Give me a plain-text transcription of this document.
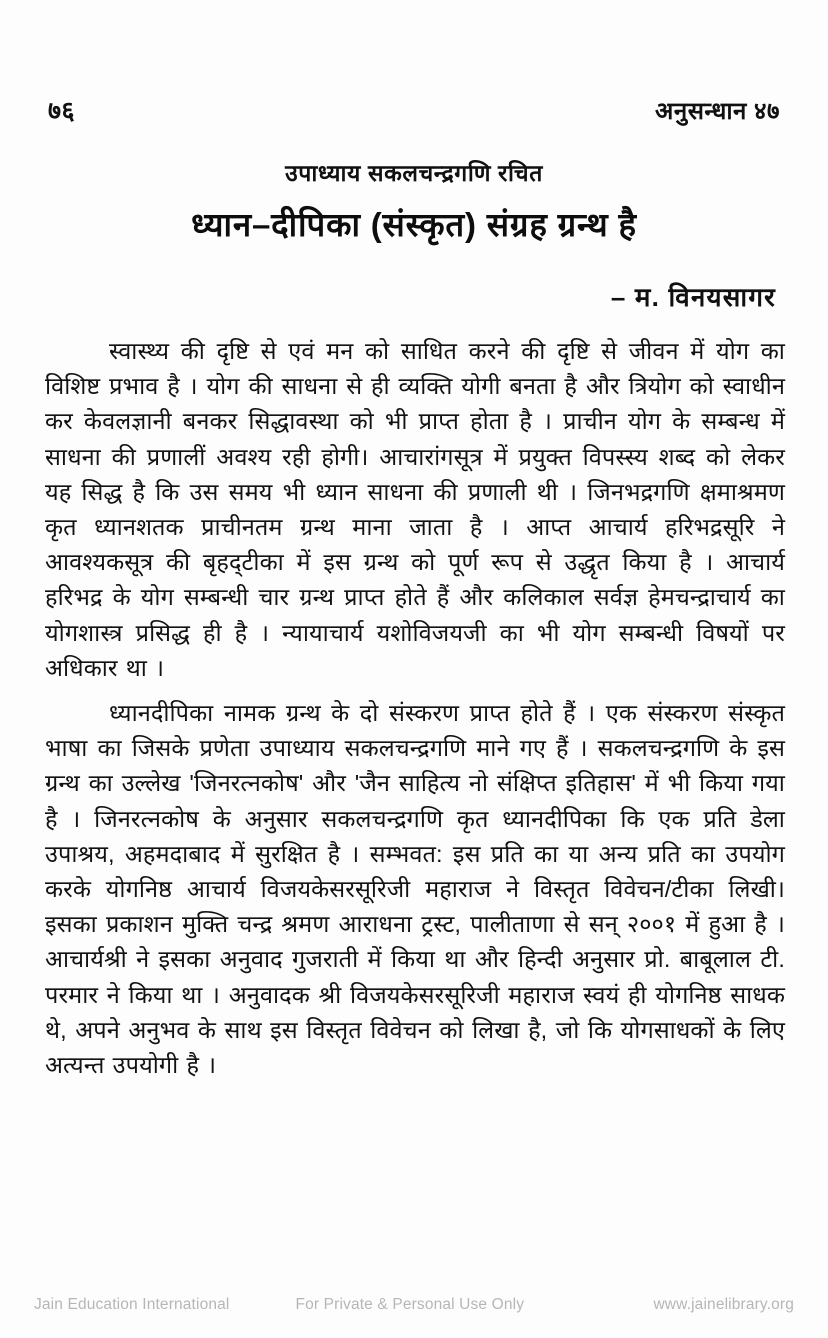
७६	अनुसन्धान ४७
उपाध्याय सकलचन्द्रगणि रचित
ध्यान–दीपिका (संस्कृत) संग्रह ग्रन्थ है
– म. विनयसागर

स्वास्थ्य की दृष्टि से एवं मन को साधित करने की दृष्टि से जीवन में योग का विशिष्ट प्रभाव है । योग की साधना से ही व्यक्ति योगी बनता है और त्रियोग को स्वाधीन कर केवलज्ञानी बनकर सिद्धावस्था को भी प्राप्त होता है । प्राचीन योग के सम्बन्ध में साधना की प्रणालीं अवश्य रही होगी। आचारांगसूत्र में प्रयुक्त विपस्स्य शब्द को लेकर यह सिद्ध है कि उस समय भी ध्यान साधना की प्रणाली थी । जिनभद्रगणि क्षमाश्रमण कृत ध्यानशतक प्राचीनतम ग्रन्थ माना जाता है । आप्त आचार्य हरिभद्रसूरि ने आवश्यकसूत्र की बृहद्टीका में इस ग्रन्थ को पूर्ण रूप से उद्धृत किया है । आचार्य हरिभद्र के योग सम्बन्धी चार ग्रन्थ प्राप्त होते हैं और कलिकाल सर्वज्ञ हेमचन्द्राचार्य का योगशास्त्र प्रसिद्ध ही है । न्यायाचार्य यशोविजयजी का भी योग सम्बन्धी विषयों पर अधिकार था ।

ध्यानदीपिका नामक ग्रन्थ के दो संस्करण प्राप्त होते हैं । एक संस्करण संस्कृत भाषा का जिसके प्रणेता उपाध्याय सकलचन्द्रगणि माने गए हैं । सकलचन्द्रगणि के इस ग्रन्थ का उल्लेख 'जिनरत्नकोष' और 'जैन साहित्य नो संक्षिप्त इतिहास' में भी किया गया है । जिनरत्नकोष के अनुसार सकलचन्द्रगणि कृत ध्यानदीपिका कि एक प्रति डेला उपाश्रय, अहमदाबाद में सुरक्षित है । सम्भवत: इस प्रति का या अन्य प्रति का उपयोग करके योगनिष्ठ आचार्य विजयकेसरसूरिजी महाराज ने विस्तृत विवेचन/टीका लिखी। इसका प्रकाशन मुक्ति चन्द्र श्रमण आराधना ट्रस्ट, पालीताणा से सन् २००१ में हुआ है । आचार्यश्री ने इसका अनुवाद गुजराती में किया था और हिन्दी अनुसार प्रो. बाबूलाल टी. परमार ने किया था । अनुवादक श्री विजयकेसरसूरिजी महाराज स्वयं ही योगनिष्ठ साधक थे, अपने अनुभव के साथ इस विस्तृत विवेचन को लिखा है, जो कि योगसाधकों के लिए अत्यन्त उपयोगी है ।

Jain Education International	For Private & Personal Use Only	www.jainelibrary.org
